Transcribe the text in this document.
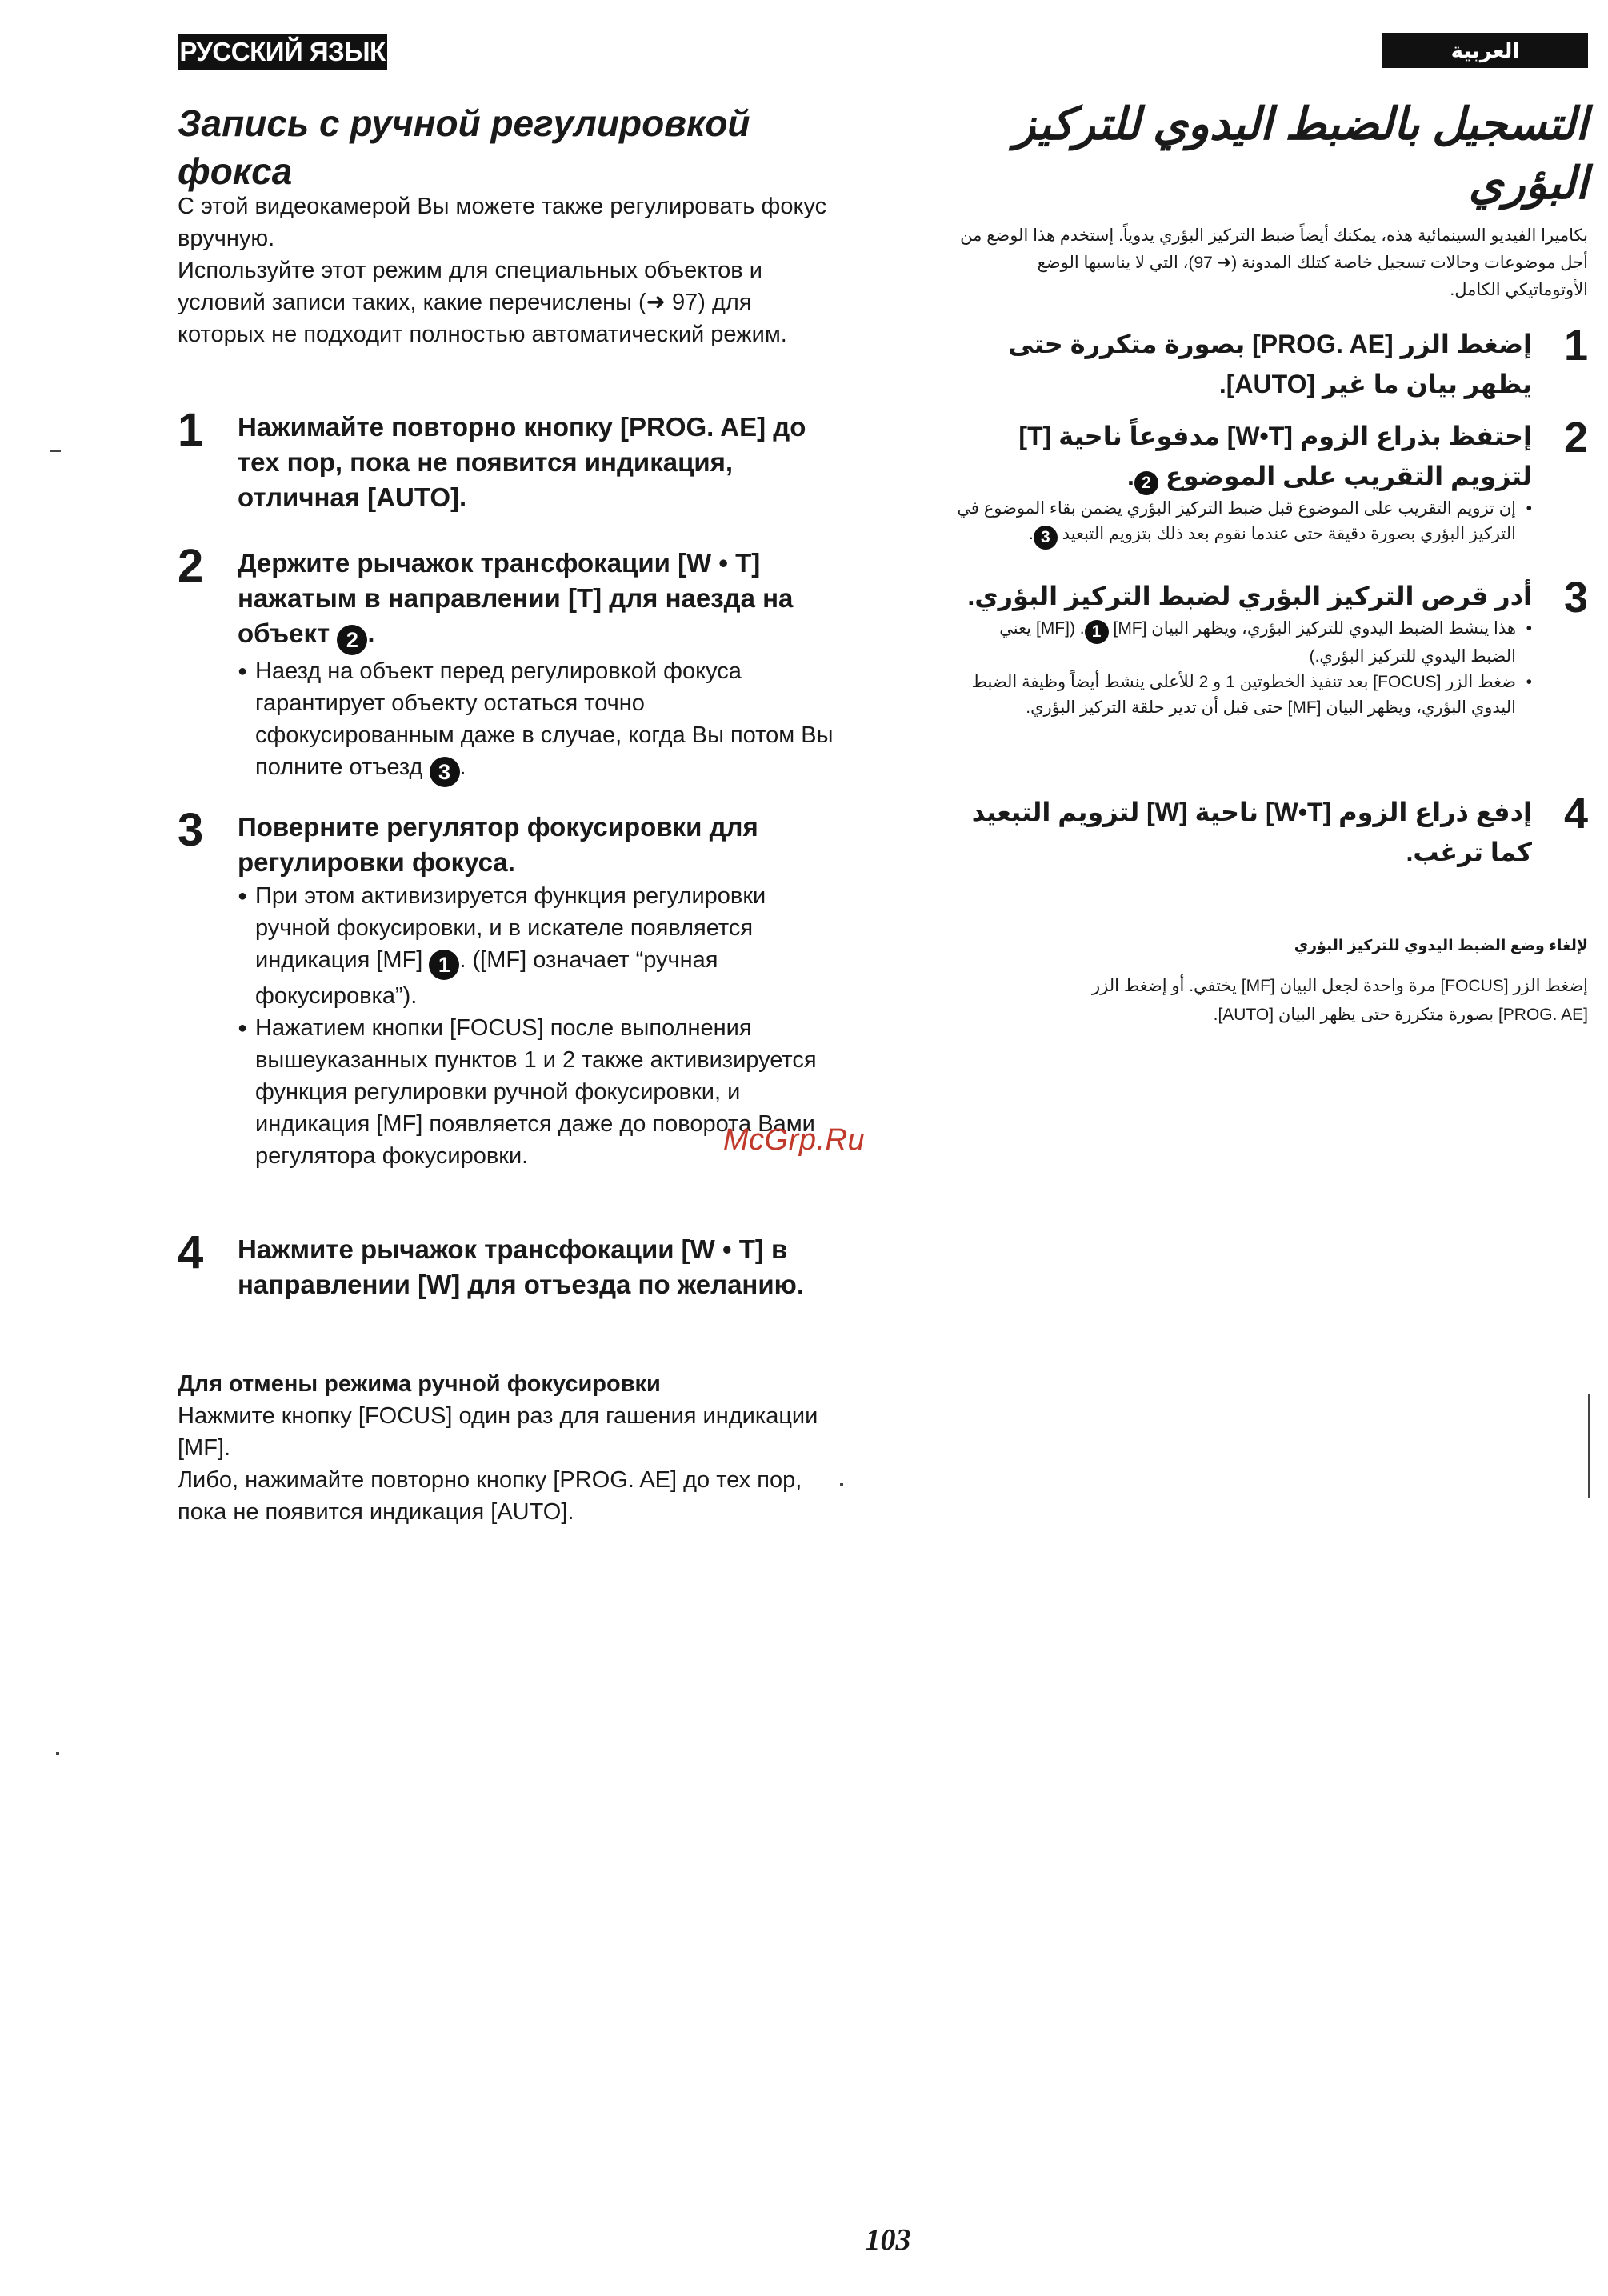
РУССКИЙ ЯЗЫК	العربية
Запись с ручной регулировкой фокса
С этой видеокамерой Вы можете также регулировать фокус вручную.
Используйте этот режим для специальных объектов и условий записи таких, какие перечислены (➜ 97) для которых не подходит полностью автоматический режим.
1 Нажимайте повторно кнопку [PROG. AE] до тех пор, пока не появится индикация, отличная [AUTO].
2 Держите рычажок трансфокации [W • T] нажатым в направлении [T] для наезда на объект 2 .
● Наезд на объект перед регулировкой фокуса гарантирует объекту остаться точно сфокусированным даже в случае, когда Вы потом Вы полните отъезд 3 .
3 Поверните регулятор фокусировки для регулировки фокуса.
● При этом активизируется функция регулировки ручной фокусировки, и в искателе появляется индикация [MF] 1 . ([MF] означает “ручная фокусировка”).
● Нажатием кнопки [FOCUS] после выполнения вышеуказанных пунктов 1 и 2 также активизируется функция регулировки ручной фокусировки, и индикация [MF] появляется даже до поворота Вами регулятора фокусировки.
4 Нажмите рычажок трансфокации [W • T] в направлении [W] для отъезда по желанию.
Для отмены режима ручной фокусировки
Нажмите кнопку [FOCUS] один раз для гашения индикации [MF].
Либо, нажимайте повторно кнопку [PROG. AE] до тех пор, пока не появится индикация [AUTO].
McGrp.Ru
التسجيل بالضبط اليدوي للتركيز البؤري
بكاميرا الفيديو السينمائية هذه، يمكنك أيضاً ضبط التركيز البؤري يدوياً. إستخدم هذا الوضع من أجل موضوعات وحالات تسجيل خاصة كتلك المدونة (➜ 97)، التي لا يناسبها الوضع الأوتوماتيكي الكامل.
1
إضغط الزر [PROG. AE] بصورة متكررة حتى يظهر بيان ما غير [AUTO].
2
إحتفظ بذراع الزوم [W•T] مدفوعاً ناحية [T] لتزويم التقريب على الموضوع 2.
• إن تزويم التقريب على الموضوع قبل ضبط التركيز البؤري يضمن بقاء الموضوع في التركيز البؤري بصورة دقيقة حتى عندما نقوم بعد ذلك بتزويم التبعيد 3.
3
أدر قرص التركيز البؤري لضبط التركيز البؤري.
• هذا ينشط الضبط اليدوي للتركيز البؤري، ويظهر البيان [MF] 1. ([MF] يعني الضبط اليدوي للتركيز البؤري.)
• ضغط الزر [FOCUS] بعد تنفيذ الخطوتين 1 و 2 للأعلى ينشط أيضاً وظيفة الضبط اليدوي البؤري، ويظهر البيان [MF] حتى قبل أن تدير حلقة التركيز البؤري.
4
إدفع ذراع الزوم [W•T] ناحية [W] لتزويم التبعيد كما ترغب.
لإلغاء وضع الضبط اليدوي للتركيز البؤري
إضغط الزر [FOCUS] مرة واحدة لجعل البيان [MF] يختفي. أو إضغط الزر
[PROG. AE] بصورة متكررة حتى يظهر البيان [AUTO].
103
